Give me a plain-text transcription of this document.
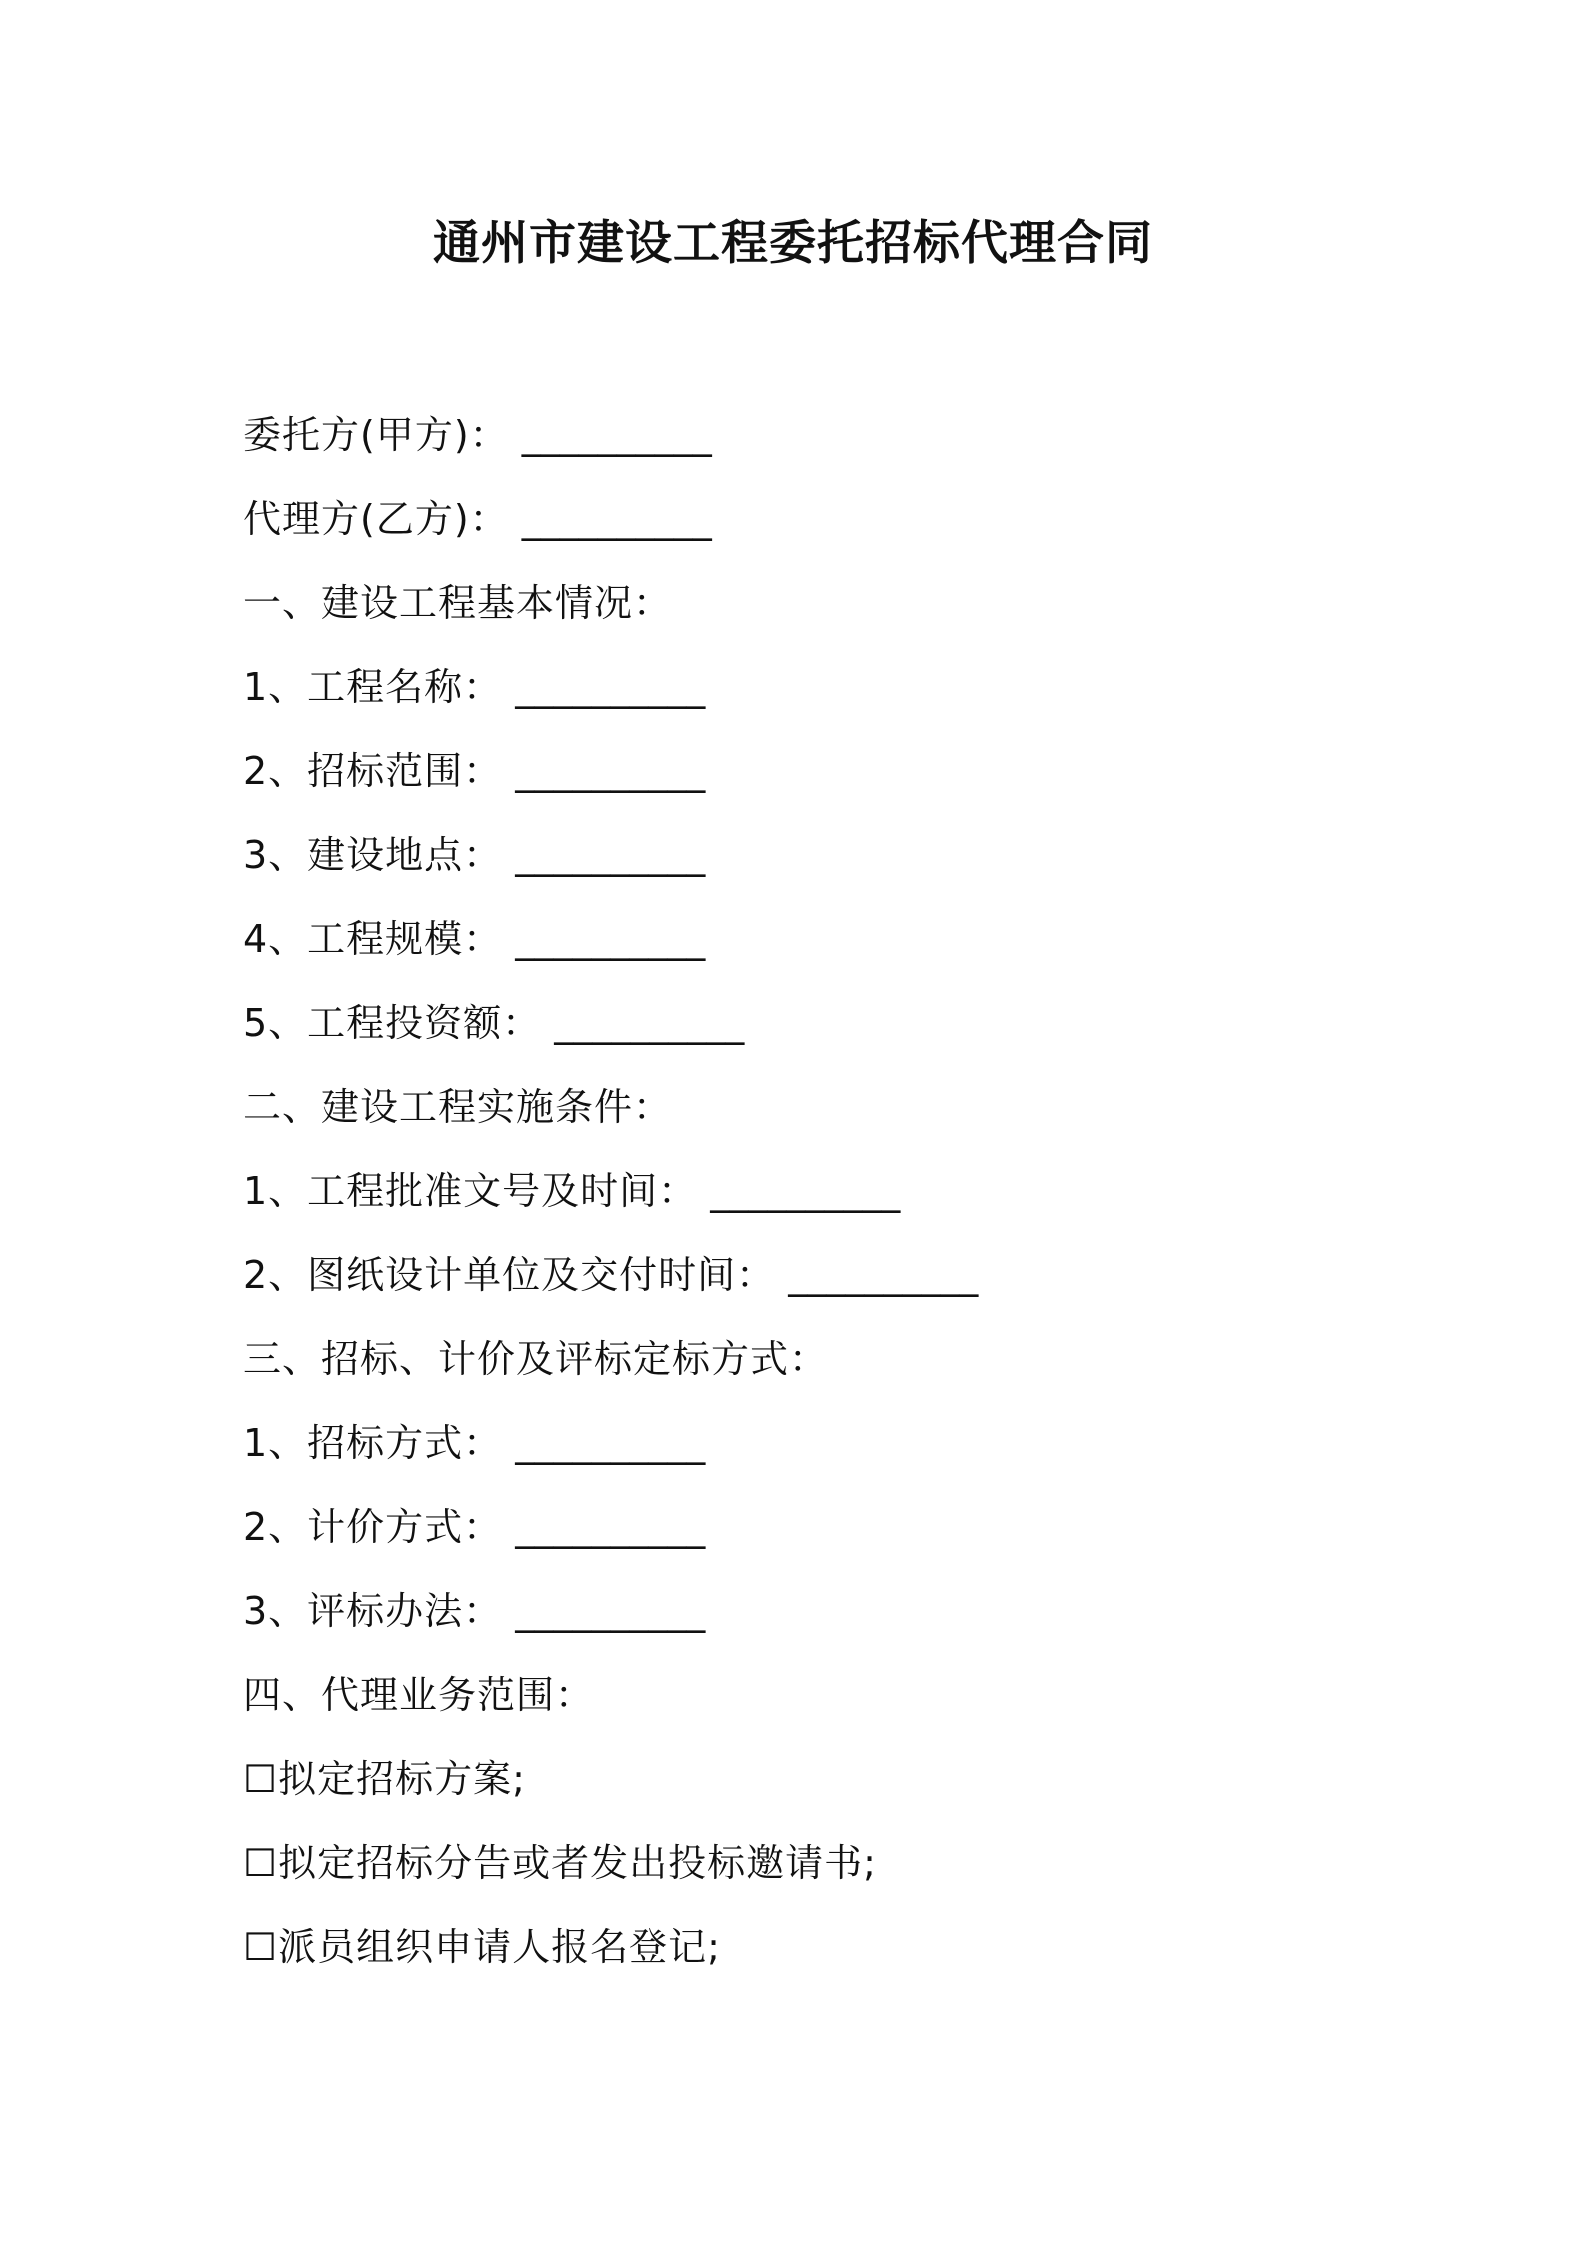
通州市建设工程委托招标代理合同
委托方(甲方)： __________
代理方(乙方)： __________
一、建设工程基本情况：
1、工程名称： __________
2、招标范围： __________
3、建设地点： __________
4、工程规模： __________
5、工程投资额： __________
二、建设工程实施条件：
1、工程批准文号及时间： __________
2、图纸设计单位及交付时间： __________
三、招标、计价及评标定标方式：
1、招标方式： __________
2、计价方式： __________
3、评标办法： __________
四、代理业务范围：
☐拟定招标方案;
☐拟定招标分告或者发出投标邀请书;
☐派员组织申请人报名登记;
